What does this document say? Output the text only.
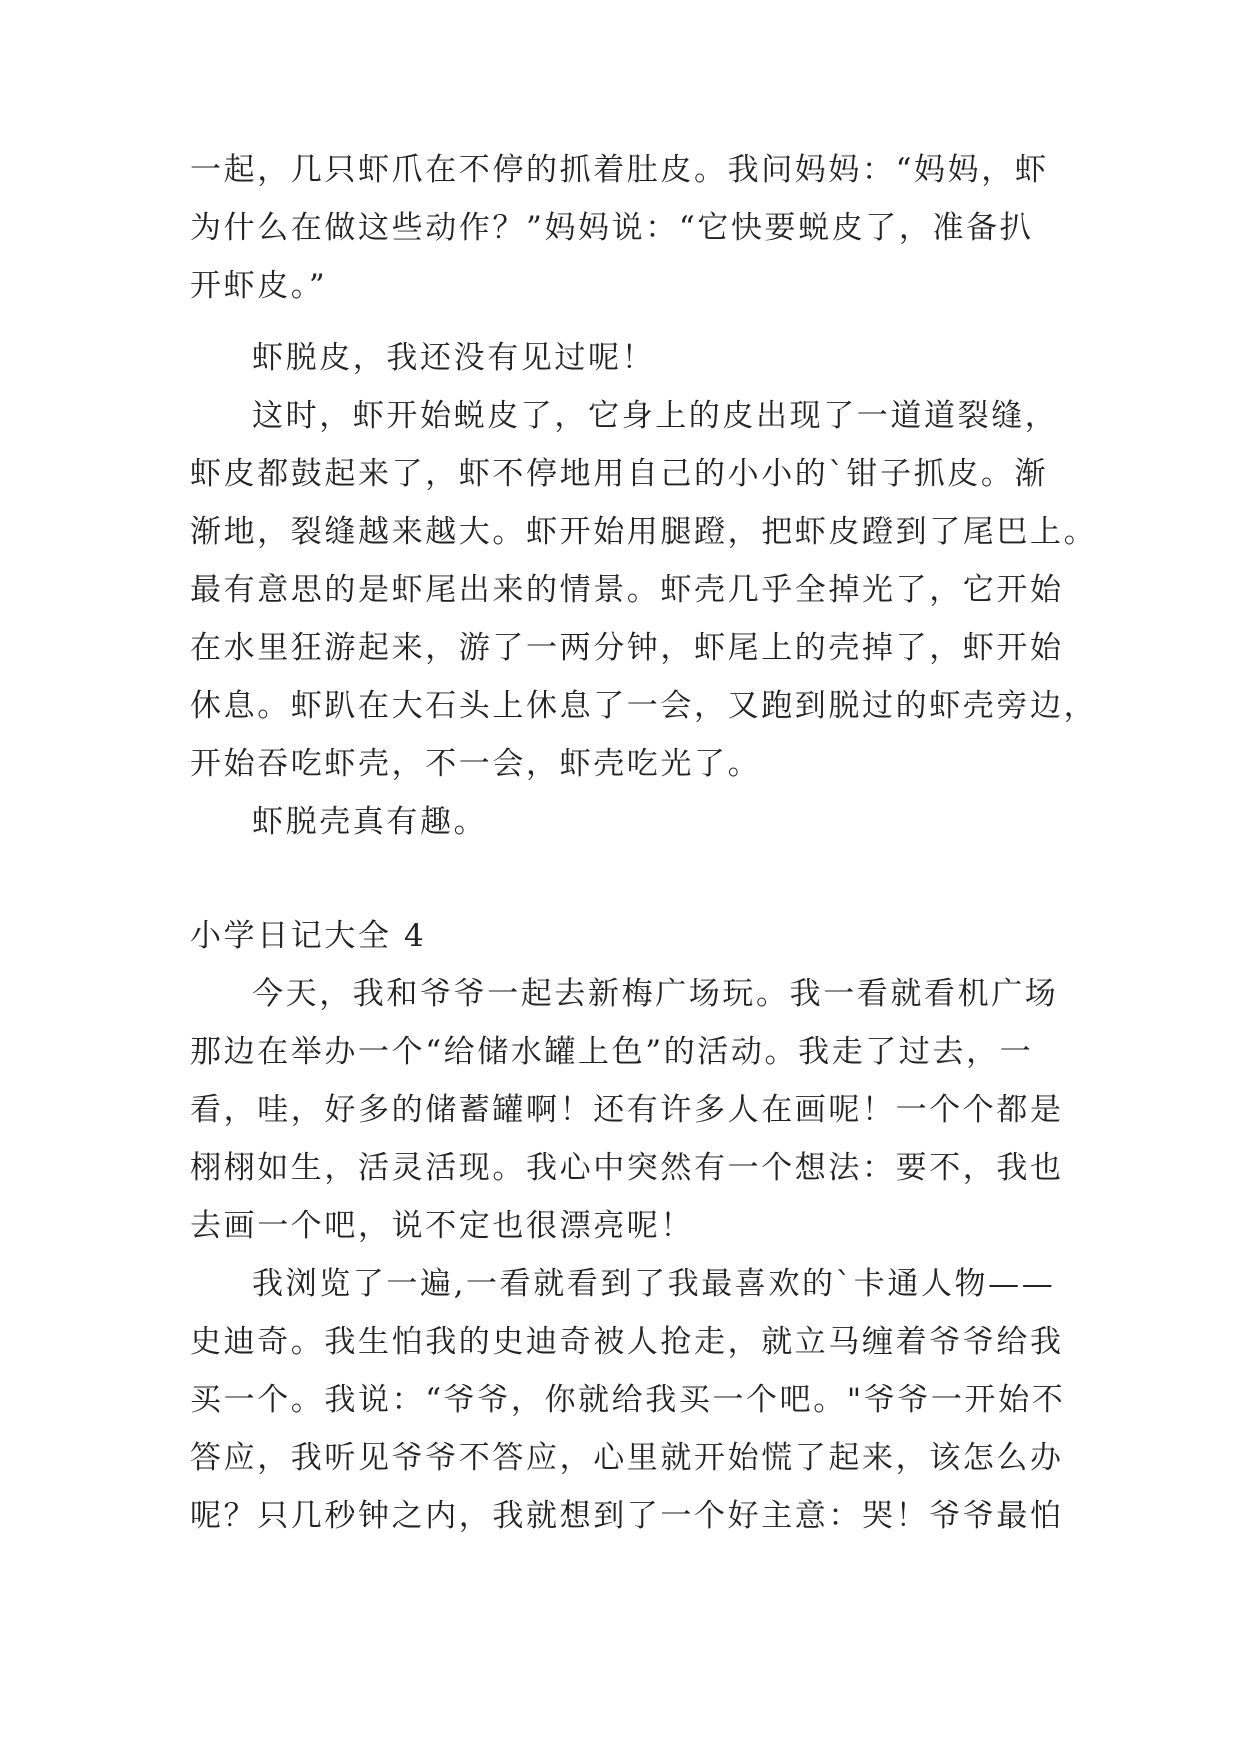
一起，几只虾爪在不停的抓着肚皮。我问妈妈：“妈妈，虾
为什么在做这些动作？”妈妈说：“它快要蜕皮了，准备扒
开虾皮。”
虾脱皮，我还没有见过呢！
这时，虾开始蜕皮了，它身上的皮出现了一道道裂缝，
虾皮都鼓起来了，虾不停地用自己的小小的`钳子抓皮。渐
渐地，裂缝越来越大。虾开始用腿蹬，把虾皮蹬到了尾巴上。
最有意思的是虾尾出来的情景。虾壳几乎全掉光了，它开始
在水里狂游起来，游了一两分钟，虾尾上的壳掉了，虾开始
休息。虾趴在大石头上休息了一会，又跑到脱过的虾壳旁边，
开始吞吃虾壳，不一会，虾壳吃光了。
虾脱壳真有趣。
小学日记大全 4
今天，我和爷爷一起去新梅广场玩。我一看就看机广场
那边在举办一个“给储水罐上色”的活动。我走了过去，一
看，哇，好多的储蓄罐啊！还有许多人在画呢！一个个都是
栩栩如生，活灵活现。我心中突然有一个想法：要不，我也
去画一个吧，说不定也很漂亮呢！
我浏览了一遍,一看就看到了我最喜欢的`卡通人物——
史迪奇。我生怕我的史迪奇被人抢走，就立马缠着爷爷给我
买一个。我说：“爷爷，你就给我买一个吧。"爷爷一开始不
答应，我听见爷爷不答应，心里就开始慌了起来，该怎么办
呢？只几秒钟之内，我就想到了一个好主意：哭！爷爷最怕
